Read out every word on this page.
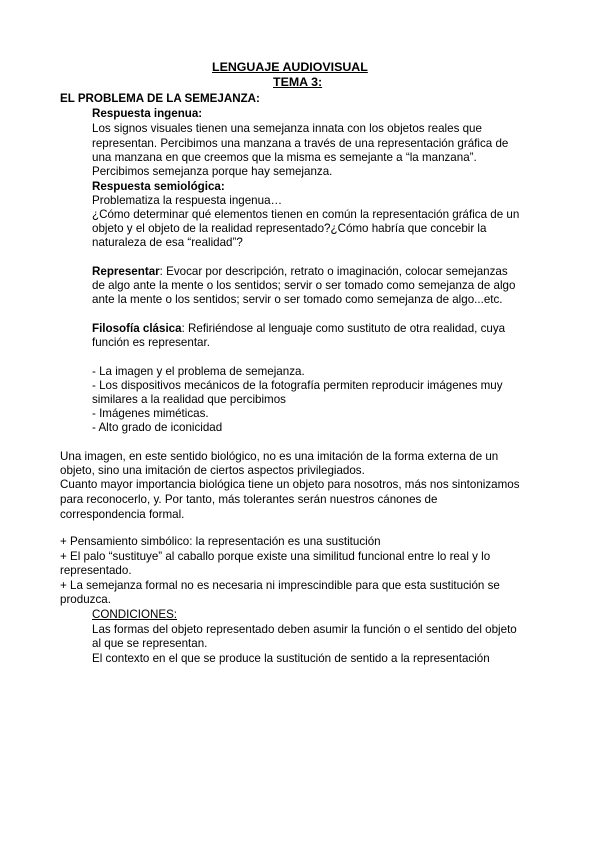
LENGUAJE AUDIOVISUAL
TEMA 3:
EL PROBLEMA DE LA SEMEJANZA:
Respuesta ingenua:
Los signos visuales tienen una semejanza innata con los objetos reales que
representan. Percibimos una manzana a través de una representación gráfica de
una manzana en que creemos que la misma es semejante a “la manzana”.
Percibimos semejanza porque hay semejanza.
Respuesta semiológica:
Problematiza la respuesta ingenua…
¿Cómo determinar qué elementos tienen en común la representación gráfica de un
objeto y el objeto de la realidad representado?¿Cómo habría que concebir la
naturaleza de esa “realidad”?
Representar: Evocar por descripción, retrato o imaginación, colocar semejanzas
de algo ante la mente o los sentidos; servir o ser tomado como semejanza de algo
ante la mente o los sentidos; servir o ser tomado como semejanza de algo...etc.
Filosofía clásica: Refiriéndose al lenguaje como sustituto de otra realidad, cuya
función es representar.
- La imagen y el problema de semejanza.
- Los dispositivos mecánicos de la fotografía permiten reproducir imágenes muy
similares a la realidad que percibimos
- Imágenes miméticas.
- Alto grado de iconicidad
Una imagen, en este sentido biológico, no es una imitación de la forma externa de un
objeto, sino una imitación de ciertos aspectos privilegiados.
Cuanto mayor importancia biológica tiene un objeto para nosotros, más nos sintonizamos
para reconocerlo, y. Por tanto, más tolerantes serán nuestros cánones de
correspondencia formal.
+ Pensamiento simbólico: la representación es una sustitución
+ El palo “sustituye” al caballo porque existe una similitud funcional entre lo real y lo
representado.
+ La semejanza formal no es necesaria ni imprescindible para que esta sustitución se
produzca.
CONDICIONES:
Las formas del objeto representado deben asumir la función o el sentido del objeto
al que se representan.
El contexto en el que se produce la sustitución de sentido a la representación
